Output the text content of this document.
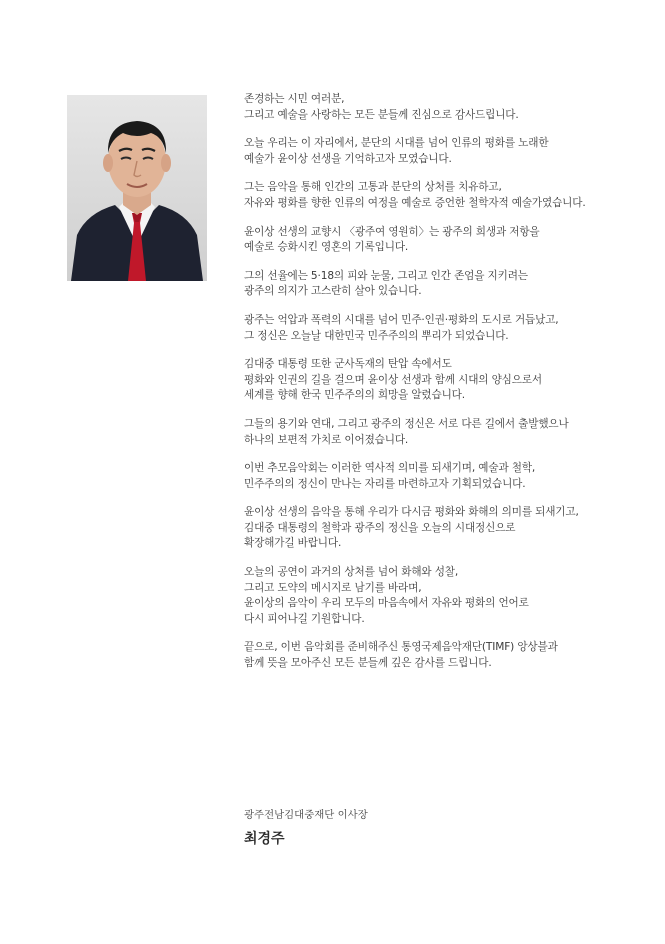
존경하는 시민 여러분,
그리고 예술을 사랑하는 모든 분들께 진심으로 감사드립니다.

오늘 우리는 이 자리에서, 분단의 시대를 넘어 인류의 평화를 노래한
예술가 윤이상 선생을 기억하고자 모였습니다.

그는 음악을 통해 인간의 고통과 분단의 상처를 치유하고,
자유와 평화를 향한 인류의 여정을 예술로 증언한 철학자적 예술가였습니다.

윤이상 선생의 교향시 〈광주여 영원히〉는 광주의 희생과 저항을
예술로 승화시킨 영혼의 기록입니다.

그의 선율에는 5·18의 피와 눈물, 그리고 인간 존엄을 지키려는
광주의 의지가 고스란히 살아 있습니다.

광주는 억압과 폭력의 시대를 넘어 민주·인권·평화의 도시로 거듭났고,
그 정신은 오늘날 대한민국 민주주의의 뿌리가 되었습니다.

김대중 대통령 또한 군사독재의 탄압 속에서도
평화와 인권의 길을 걸으며 윤이상 선생과 함께 시대의 양심으로서
세계를 향해 한국 민주주의의 희망을 알렸습니다.

그들의 용기와 연대, 그리고 광주의 정신은 서로 다른 길에서 출발했으나
하나의 보편적 가치로 이어졌습니다.

이번 추모음악회는 이러한 역사적 의미를 되새기며, 예술과 철학,
민주주의의 정신이 만나는 자리를 마련하고자 기획되었습니다.

윤이상 선생의 음악을 통해 우리가 다시금 평화와 화해의 의미를 되새기고,
김대중 대통령의 철학과 광주의 정신을 오늘의 시대정신으로
확장해가길 바랍니다.

오늘의 공연이 과거의 상처를 넘어 화해와 성찰,
그리고 도약의 메시지로 남기를 바라며,
윤이상의 음악이 우리 모두의 마음속에서 자유와 평화의 언어로
다시 피어나길 기원합니다.

끝으로, 이번 음악회를 준비해주신 통영국제음악재단(TIMF) 앙상블과
함께 뜻을 모아주신 모든 분들께 깊은 감사를 드립니다.

광주전남김대중재단 이사장
최경주
